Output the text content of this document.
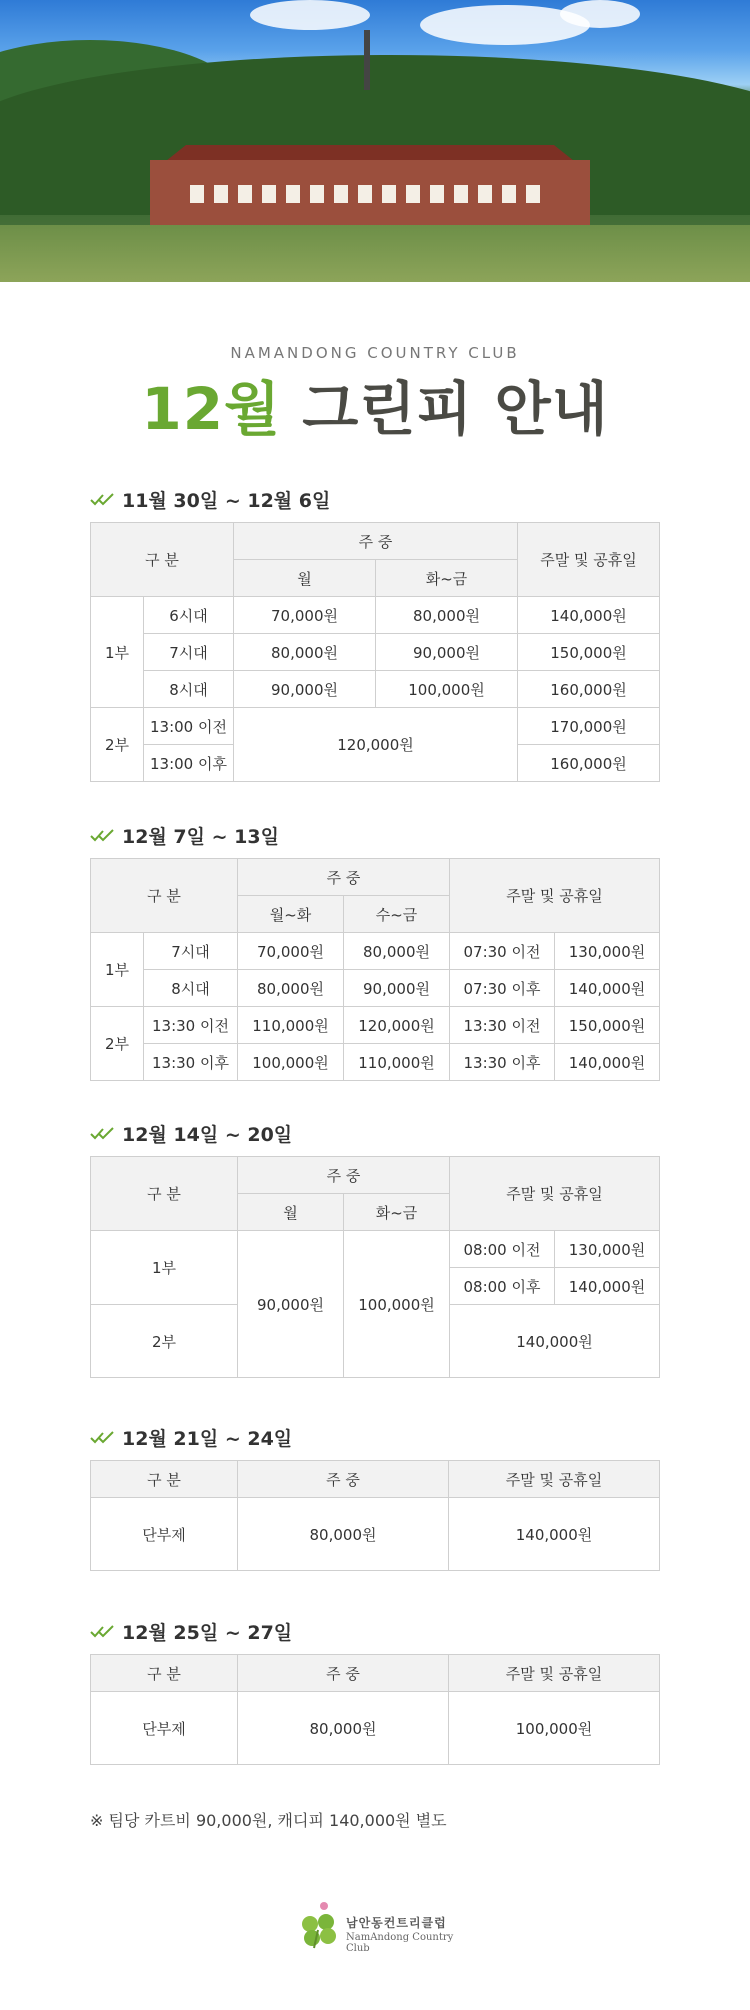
NAMANDONG COUNTRY CLUB
12월 그린피 안내
11월 30일 ~ 12월 6일
구 분		주 중		주말 및 공휴일
		월	화~금	
1부	6시대	70,000원	80,000원	140,000원
	7시대	80,000원	90,000원	150,000원
	8시대	90,000원	100,000원	160,000원
2부	13:00 이전	120,000원		170,000원
	13:00 이후			160,000원
12월 7일 ~ 13일
구 분		주 중		주말 및 공휴일	
		월~화	수~금		
1부	7시대	70,000원	80,000원	07:30 이전	130,000원
	8시대	80,000원	90,000원	07:30 이후	140,000원
2부	13:30 이전	110,000원	120,000원	13:30 이전	150,000원
	13:30 이후	100,000원	110,000원	13:30 이후	140,000원
12월 14일 ~ 20일
구 분	주 중		주말 및 공휴일	
	월	화~금		
1부	90,000원	100,000원	08:00 이전	130,000원
			08:00 이후	140,000원
2부			140,000원	
12월 21일 ~ 24일
구 분	주 중	주말 및 공휴일
단부제	80,000원	140,000원
12월 25일 ~ 27일
구 분	주 중	주말 및 공휴일
단부제	80,000원	100,000원
※ 팀당 카트비 90,000원, 캐디피 140,000원 별도
남안동컨트리클럽
NamAndong Country Club
